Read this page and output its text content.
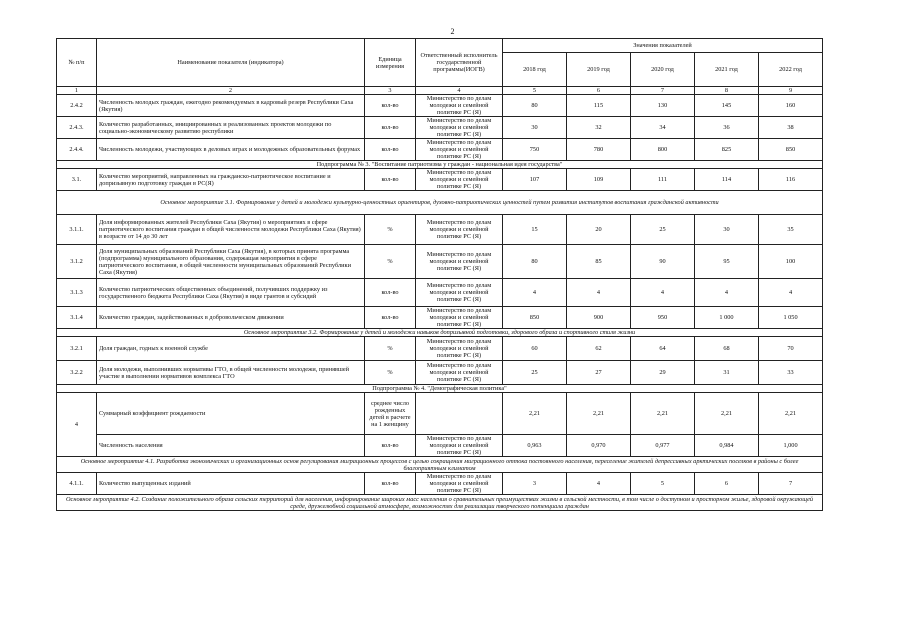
2
№ п/п	Наименование показателя (индикатора)	Единица измерения	Ответственный исполнитель государственной программы(ИОГВ)	Значения показателей				
				2018 год	2019 год	2020 год	2021 год	2022 год
1	2	3	4	5	6	7	8	9
2.4.2	Численность молодых граждан, ежегодно рекомендуемых в кадровый резерв Республики Саха (Якутия)	кол-во	Министерство по делам молодежи и семейной политике РС (Я)	80	115	130	145	160
2.4.3.	Количество разработанных, инициированных и реализованных проектов молодежи по социально-экономическому развитию республики	кол-во	Министерство по делам молодежи и семейной политике РС (Я)	30	32	34	36	38
2.4.4.	Численность молодежи, участвующих в деловых играх и молодежных образовательных форумах	кол-во	Министерство по делам молодежи и семейной политике РС (Я)	750	780	800	825	850
Подпрограмма № 3. "Воспитание патриотизма у граждан - национальная идея государства"								
3.1.	Количество мероприятий, направленных на гражданско-патриотическое воспитание и допризывную подготовку граждан в РС(Я)	кол-во	Министерство по делам молодежи и семейной политике РС (Я)	107	109	111	114	116
Основное мероприятие 3.1. Формирование у детей и молодежи культурно-ценностных ориентиров, духовно-патриотических ценностей путем развития институтов воспитания гражданской активности								
3.1.1.	Доля информированных жителей Республики Саха (Якутия) о мероприятиях в сфере патриотического воспитания граждан в общей численности молодежи Республики Саха (Якутия) в возрасте от 14 до 30 лет	%	Министерство по делам молодежи и семейной политике РС (Я)	15	20	25	30	35
3.1.2	Доля муниципальных образований Республики Саха (Якутия), в которых принята программа (подпрограмма) муниципального образования, содержащая мероприятия в сфере патриотического воспитания, в общей численности муниципальных образований Республики Саха (Якутия)	%	Министерство по делам молодежи и семейной политике РС (Я)	80	85	90	95	100
3.1.3	Количество патриотических общественных объединений, получивших поддержку из государственного бюджета Республики Саха (Якутия) в виде грантов и субсидий	кол-во	Министерство по делам молодежи и семейной политике РС (Я)	4	4	4	4	4
3.1.4	Количество граждан, задействованных в добровольческом движении	кол-во	Министерство по делам молодежи и семейной политике РС (Я)	850	900	950	1 000	1 050
Основное мероприятие 3.2. Формирование у детей и молодежи навыков допризывной подготовки, здорового образа и спортивного стиля жизни								
3.2.1	Доля граждан, годных к военной службе	%	Министерство по делам молодежи и семейной политике РС (Я)	60	62	64	68	70
3.2.2	Доля молодежи, выполнивших нормативы ГТО, в общей численности молодежи, принявшей участие в выполнении нормативов комплекса ГТО	%	Министерство по делам молодежи и семейной политике РС (Я)	25	27	29	31	33
Подпрограмма № 4. "Демографическая политика"								
4	Суммарный коэффициент рождаемости	среднее число рожденных детей в расчете на 1 женщину		2,21	2,21	2,21	2,21	2,21
	Численность населения	кол-во	Министерство по делам молодежи и семейной политике РС (Я)	0,963	0,970	0,977	0,984	1,000
Основное мероприятие 4.1. Разработка экономических и организационных основ регулирования миграционных процессов с целью сокращения миграционного оттока постоянного населения, переселение жителей депрессивных арктических поселков в районы с более благоприятным климатом								
4.1.1.	Количество выпущенных изданий	кол-во	Министерство по делам молодежи и семейной политике РС (Я)	3	4	5	6	7
Основное мероприятие 4.2. Создание положительного образа сельских территорий для населения, информирование широких масс населения о сравнительных преимуществах жизни в сельской местности, в том числе о доступном и просторном жилье, здоровой окружающей среде, дружелюбной социальной атмосфере, возможностях для реализации творческого потенциала граждан								
